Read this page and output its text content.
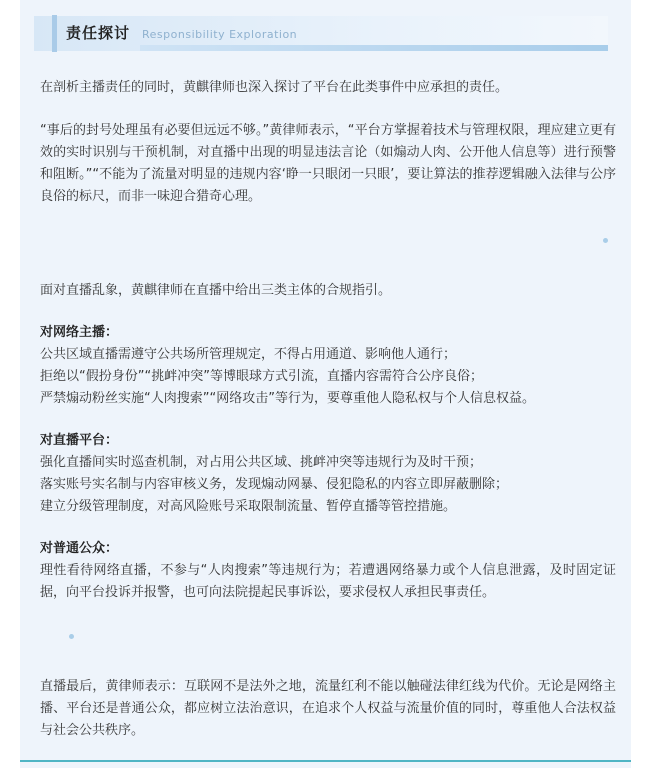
责任探讨 Responsibility Exploration
在剖析主播责任的同时，黄麒律师也深入探讨了平台在此类事件中应承担的责任。
“事后的封号处理虽有必要但远远不够。”黄律师表示，“平台方掌握着技术与管理权限，理应建立更有效的实时识别与干预机制，对直播中出现的明显违法言论（如煽动人肉、公开他人信息等）进行预警和阻断。”“不能为了流量对明显的违规内容‘睁一只眼闭一只眼’，要让算法的推荐逻辑融入法律与公序良俗的标尺，而非一味迎合猎奇心理。
面对直播乱象，黄麒律师在直播中给出三类主体的合规指引。
对网络主播：
公共区域直播需遵守公共场所管理规定，不得占用通道、影响他人通行；
拒绝以“假扮身份”“挑衅冲突”等博眼球方式引流，直播内容需符合公序良俗；
严禁煽动粉丝实施“人肉搜索”“网络攻击”等行为，要尊重他人隐私权与个人信息权益。
对直播平台：
强化直播间实时巡查机制，对占用公共区域、挑衅冲突等违规行为及时干预；
落实账号实名制与内容审核义务，发现煽动网暴、侵犯隐私的内容立即屏蔽删除；
建立分级管理制度，对高风险账号采取限制流量、暂停直播等管控措施。
对普通公众：
理性看待网络直播，不参与“人肉搜索”等违规行为；若遭遇网络暴力或个人信息泄露，及时固定证据，向平台投诉并报警，也可向法院提起民事诉讼，要求侵权人承担民事责任。
直播最后，黄律师表示：互联网不是法外之地，流量红利不能以触碰法律红线为代价。无论是网络主播、平台还是普通公众，都应树立法治意识，在追求个人权益与流量价值的同时，尊重他人合法权益与社会公共秩序。
